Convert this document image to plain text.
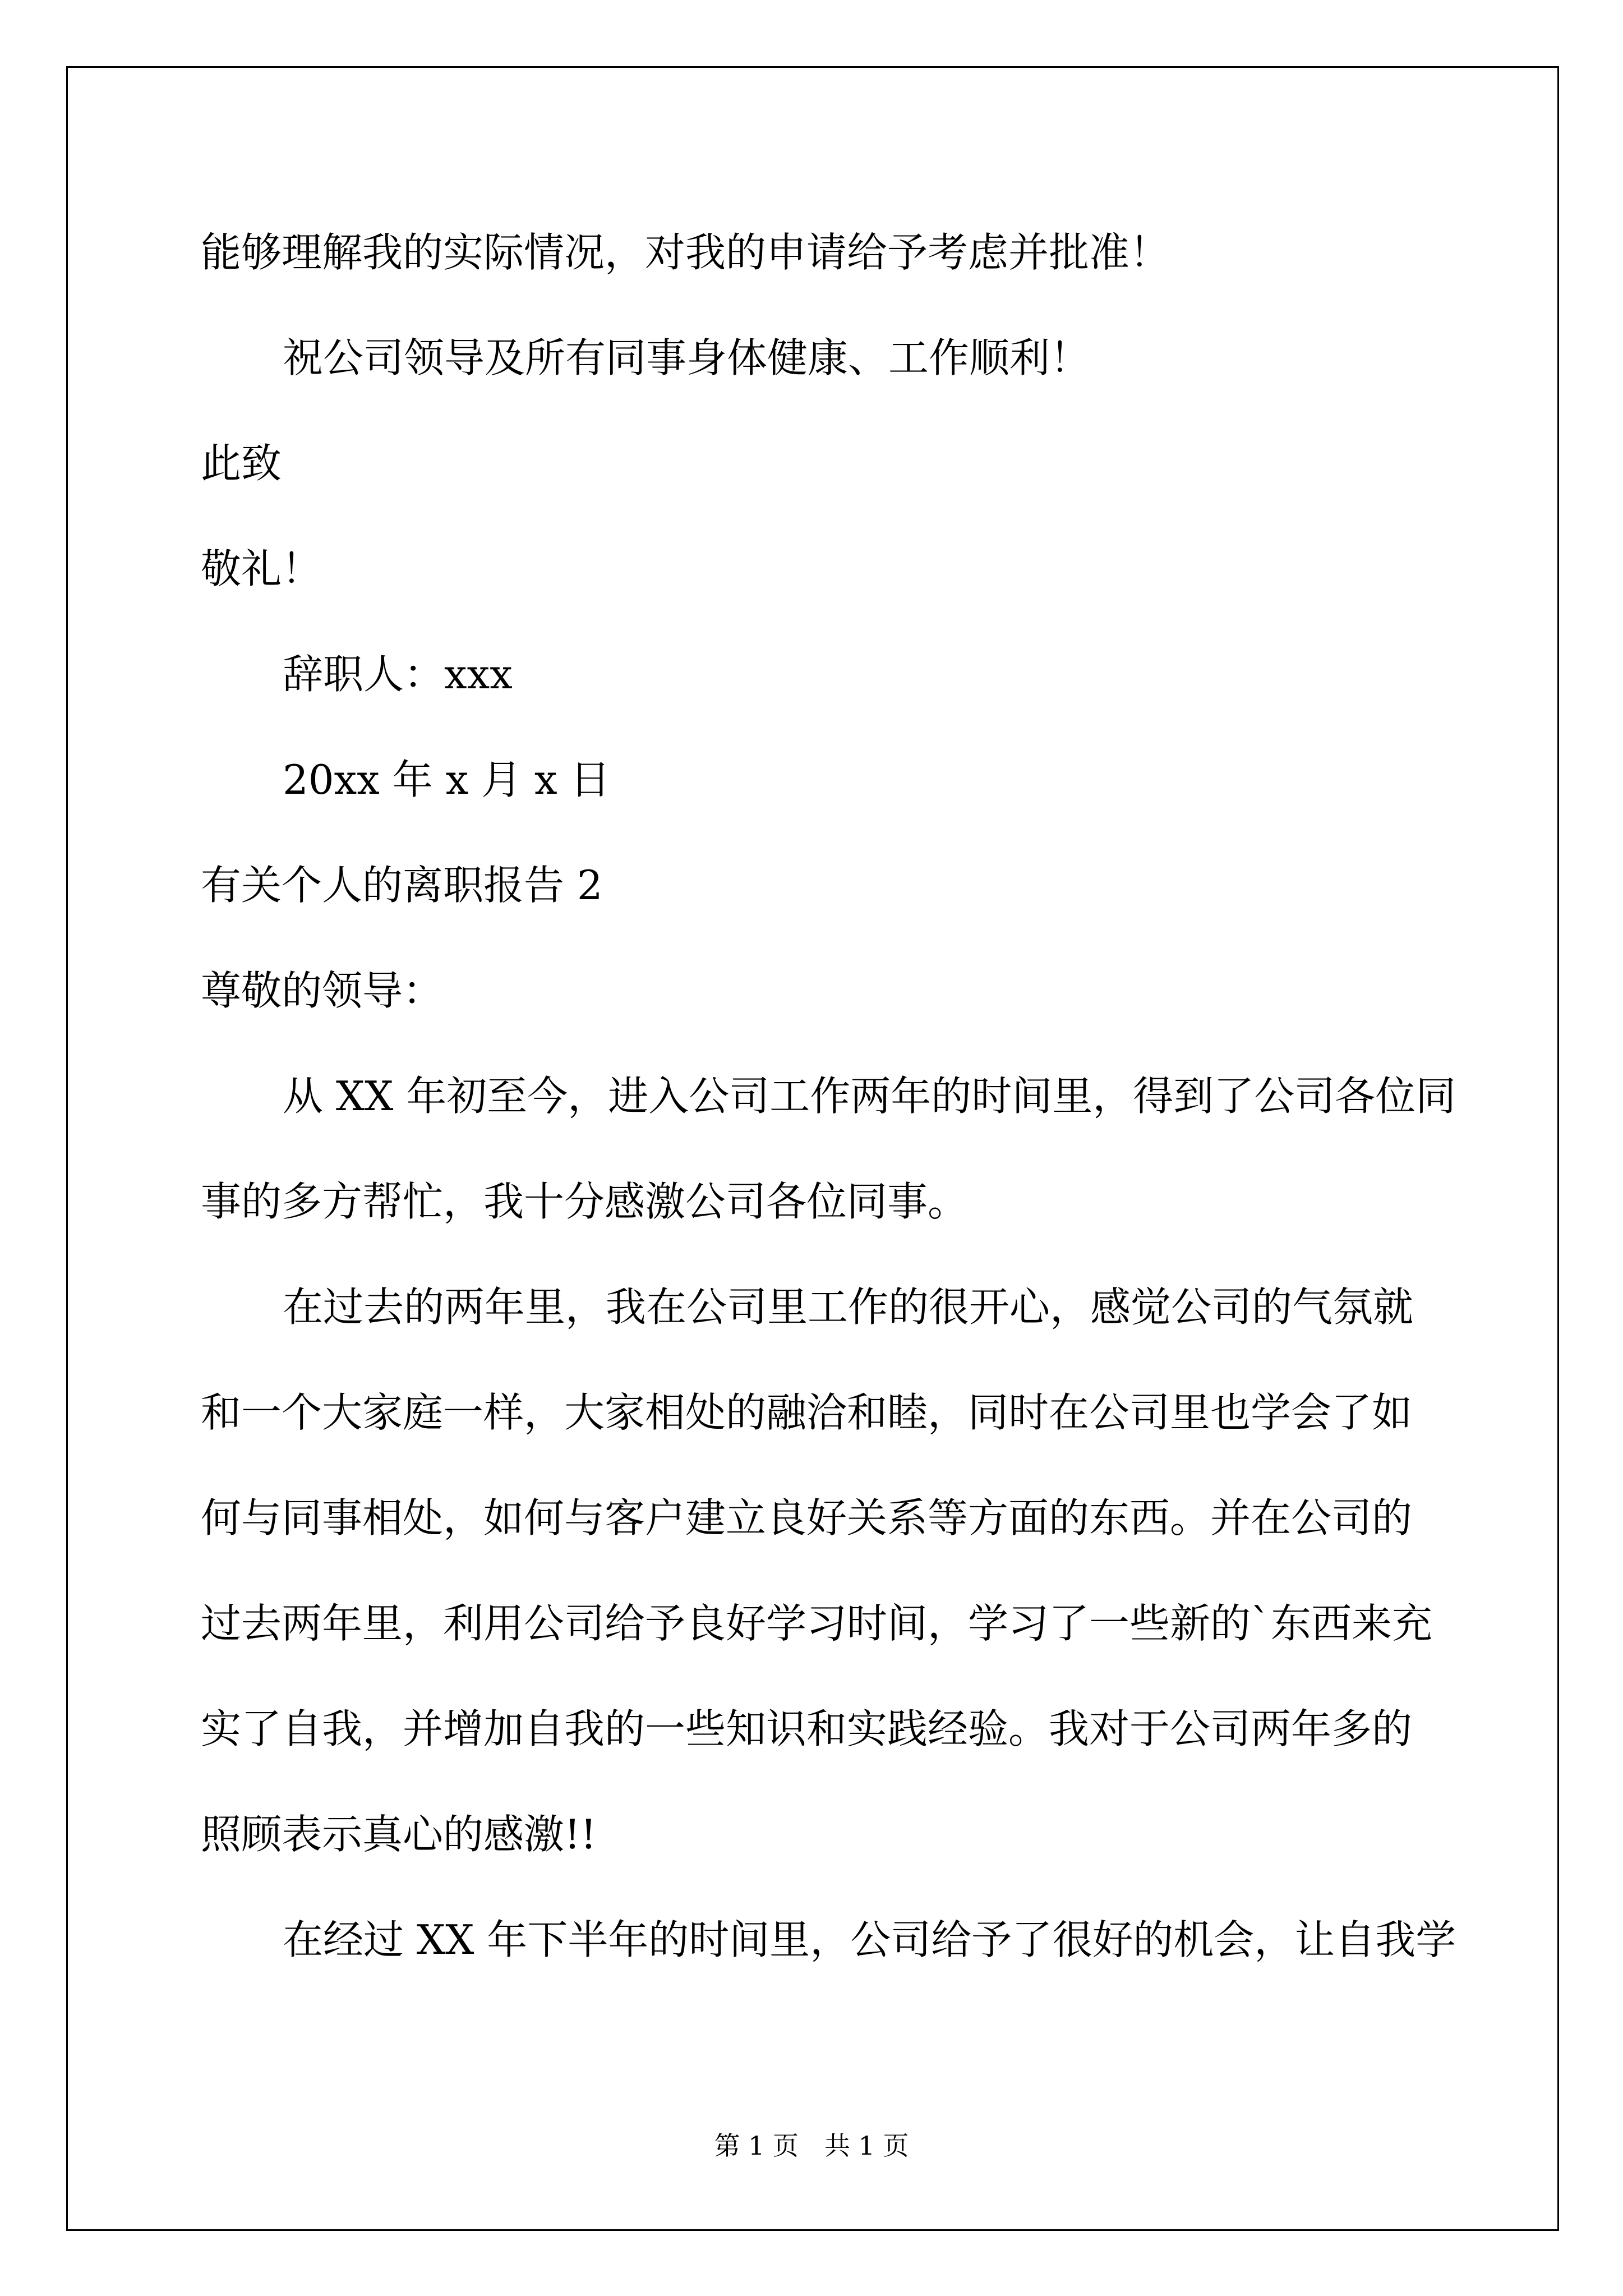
能够理解我的实际情况，对我的申请给予考虑并批准！

祝公司领导及所有同事身体健康、工作顺利！

此致

敬礼！

辞职人：xxx

20xx 年 x 月 x 日

有关个人的离职报告 2

尊敬的领导：

从 XX 年初至今，进入公司工作两年的时间里，得到了公司各位同

事的多方帮忙，我十分感激公司各位同事。

在过去的两年里，我在公司里工作的很开心，感觉公司的气氛就

和一个大家庭一样，大家相处的融洽和睦，同时在公司里也学会了如

何与同事相处，如何与客户建立良好关系等方面的东西。并在公司的

过去两年里，利用公司给予良好学习时间，学习了一些新的`东西来充

实了自我，并增加自我的一些知识和实践经验。我对于公司两年多的

照顾表示真心的感激!!

在经过 XX 年下半年的时间里，公司给予了很好的机会，让自我学

第 1 页　共 1 页
